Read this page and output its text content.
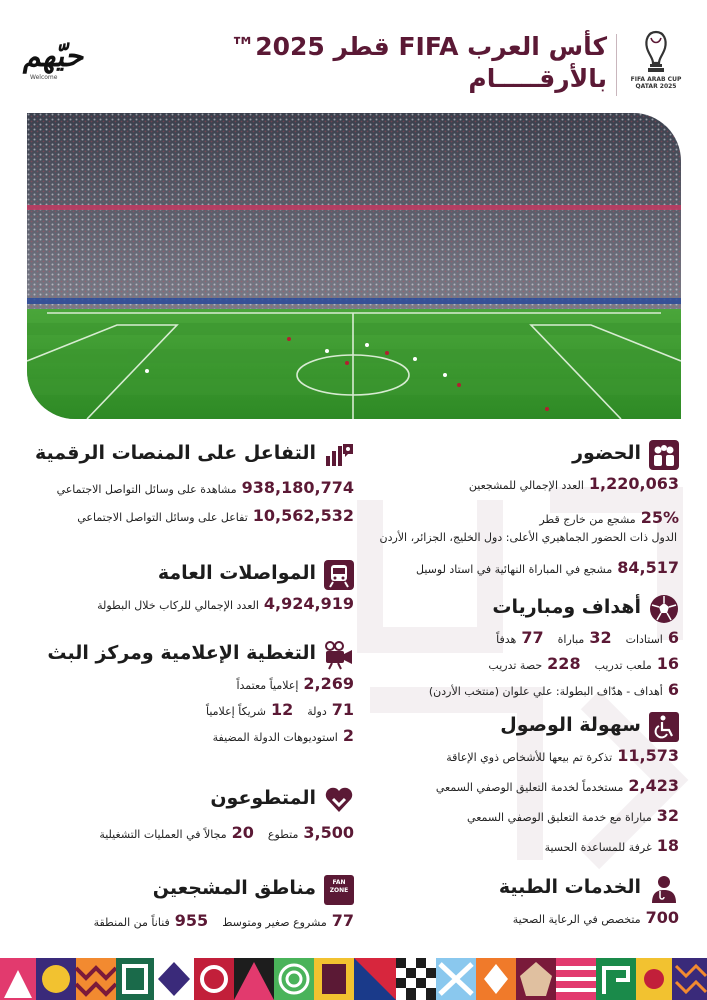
حيّهم
Welcome
كأس العرب FIFA قطر 2025™
بالأرقـــــام	FIFA ARAB CUP
QATAR 2025
الحضور
1,220,063
العدد الإجمالي للمشجعين
25%
مشجع من خارج قطر
الدول ذات الحضور الجماهيري الأعلى: دول الخليج، الجزائر، الأردن
84,517
مشجع في المباراة النهائية في استاد لوسيل
أهداف ومباريات
6
استادات
32
مباراة
77
هدفاً
16
ملعب تدريب
228
حصة تدريب
6
أهداف - هدّاف البطولة: علي علوان (منتخب الأردن)
سهولة الوصول
11,573
تذكرة تم بيعها للأشخاص ذوي الإعاقة
2,423
مستخدماً لخدمة التعليق الوصفي السمعي
32
مباراة مع خدمة التعليق الوصفي السمعي
18
غرفة للمساعدة الحسية
الخدمات الطبية
700
متخصص في الرعاية الصحية
التفاعل على المنصات الرقمية
938,180,774
مشاهدة على وسائل التواصل الاجتماعي
10,562,532
تفاعل على وسائل التواصل الاجتماعي
المواصلات العامة
4,924,919
العدد الإجمالي للركاب خلال البطولة
التغطية الإعلامية ومركز البث
2,269
إعلامياً معتمداً
71
دولة
12
شريكاً إعلامياً
2
استوديوهات الدولة المضيفة
المتطوعون
3,500
متطوع
20
مجالاً في العمليات التشغيلية
FAN ZONE
مناطق المشجعين
77
مشروع صغير ومتوسط
955
فناناً من المنطقة
